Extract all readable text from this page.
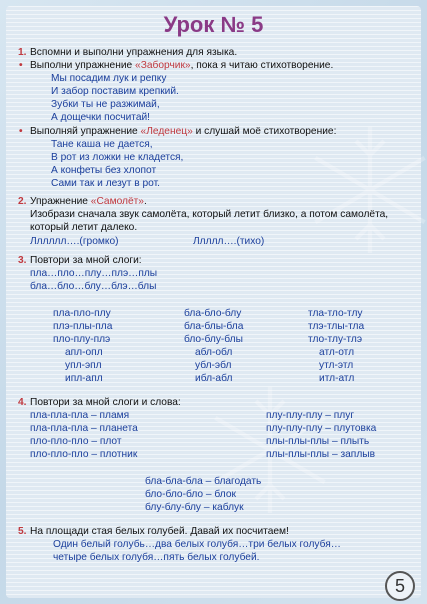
Урок № 5
1. Вспомни и выполни упражнения для языка.
• Выполни упражнение «Заборчик», пока я читаю стихотворение.
Мы посадим лук и репку
И забор поставим крепкий.
Зубки ты не разжимай,
А дощечки посчитай!
• Выполняй упражнение «Леденец» и слушай моё стихотворение:
Тане каша не дается,
В рот из ложки не кладется,
А конфеты без хлопот
Сами так и лезут в рот.
2. Упражнение «Самолёт».
Изобрази сначала звук самолёта, который летит близко, а потом самолёта,
который летит далеко.
Лллллл….(громко)	Ллллл….(тихо)
3. Повтори за мной слоги:
пла…пло…плу…плэ…плы
бла…бло…блу…блэ…блы
пла-пло-плу
плэ-плы-пла
пло-плу-плэ
апл-опл
упл-эпл
ипл-апл
бла-бло-блу
бла-блы-бла
бло-блу-блы
абл-обл
убл-эбл
ибл-абл
тла-тло-тлу
тлэ-тлы-тла
тло-тлу-тлэ
атл-отл
утл-этл
итл-атл
4. Повтори за мной слоги и слова:
пла-пла-пла – пламя
пла-пла-пла – планета
пло-пло-пло – плот
пло-пло-пло – плотник
плу-плу-плу – плуг
плу-плу-плу – плутовка
плы-плы-плы – плыть
плы-плы-плы – заплыв
бла-бла-бла – благодать
бло-бло-бло – блок
блу-блу-блу – каблук
5. На площади стая белых голубей. Давай их посчитаем!
Один белый голубь…два белых голубя…три белых голубя…
четыре белых голубя…пять белых голубей.
5
